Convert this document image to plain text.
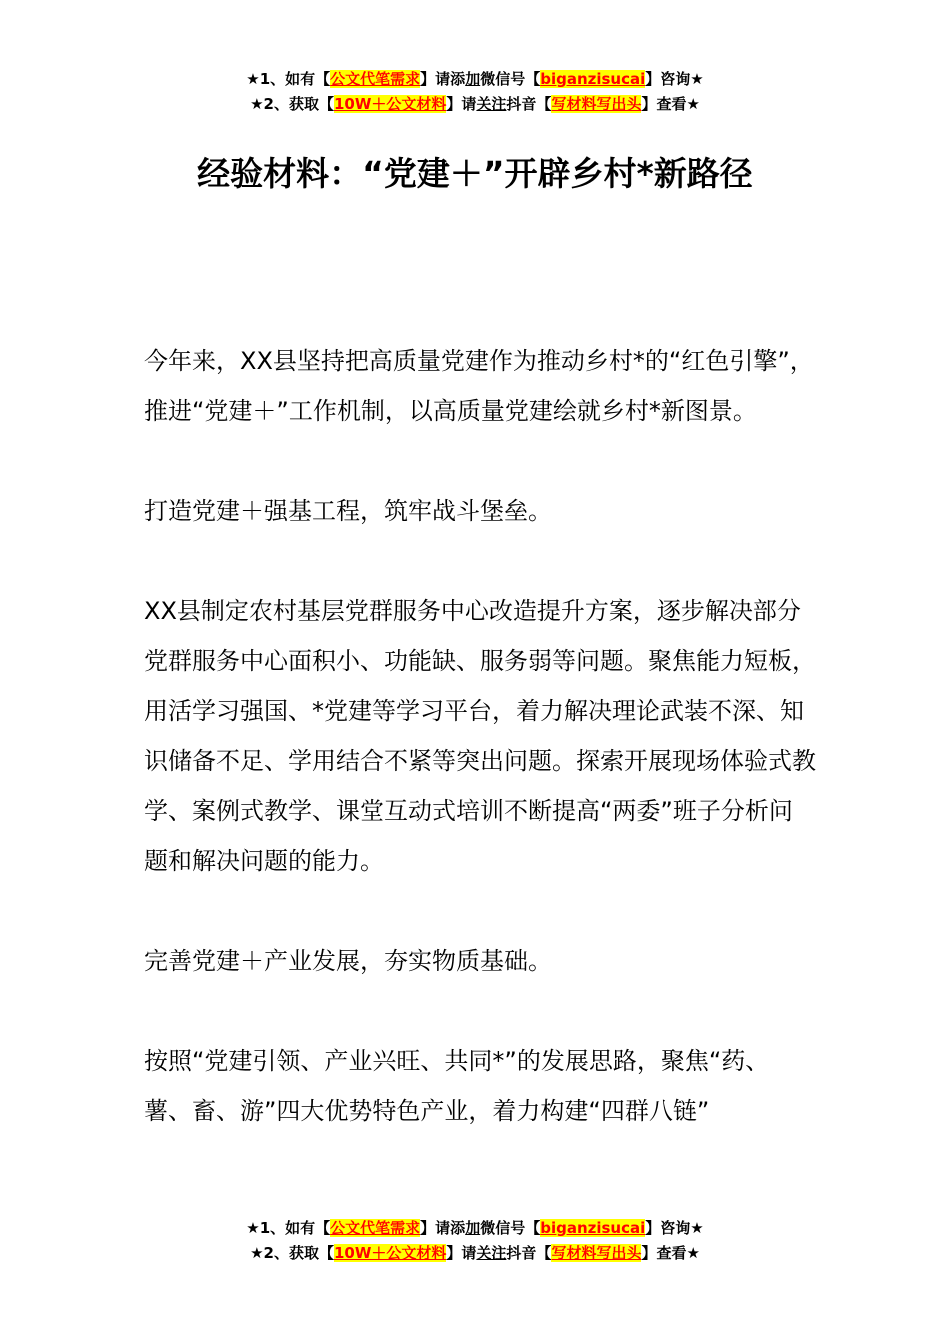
★1、如有【公文代笔需求】请添加微信号【biganzisucai】咨询★
★2、获取【10W＋公文材料】请关注抖音【写材料写出头】查看★
经验材料：“党建＋”开辟乡村*新路径

今年来，XX县坚持把高质量党建作为推动乡村*的“红色引擎”，推进“党建＋”工作机制，以高质量党建绘就乡村*新图景。

打造党建＋强基工程，筑牢战斗堡垒。

XX县制定农村基层党群服务中心改造提升方案，逐步解决部分党群服务中心面积小、功能缺、服务弱等问题。聚焦能力短板，用活学习强国、*党建等学习平台，着力解决理论武装不深、知识储备不足、学用结合不紧等突出问题。探索开展现场体验式教学、案例式教学、课堂互动式培训不断提高“两委”班子分析问题和解决问题的能力。

完善党建＋产业发展，夯实物质基础。

按照“党建引领、产业兴旺、共同*”的发展思路，聚焦“药、薯、畜、游”四大优势特色产业，着力构建“四群八链”

★1、如有【公文代笔需求】请添加微信号【biganzisucai】咨询★
★2、获取【10W＋公文材料】请关注抖音【写材料写出头】查看★
